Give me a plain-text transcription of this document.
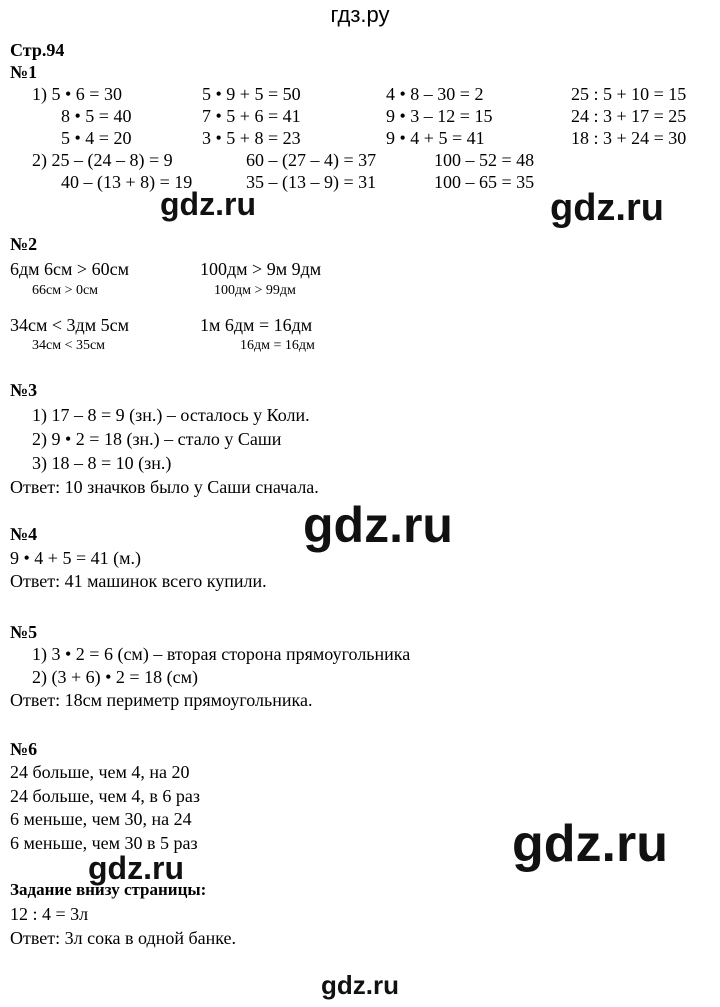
гдз.ру
Стр.94
№1
1) 5 • 6 = 30	5 • 9 + 5 = 50	4 • 8 – 30 = 2	25 : 5 + 10 = 15
8 • 5 = 40	7 • 5 + 6 = 41	9 • 3 – 12 = 15	24 : 3 + 17 = 25
5 • 4 = 20	3 • 5 + 8 = 23	9 • 4 + 5 = 41	18 : 3 + 24 = 30
2) 25 – (24 – 8) = 9	60 – (27 – 4) = 37	100 – 52 = 48
40 – (13 + 8) = 19	35 – (13 – 9) = 31	100 – 65 = 35
gdz.ru	gdz.ru
№2
6дм 6см > 60см	100дм > 9м 9дм
66см > 0см	100дм > 99дм
34см < 3дм 5см	1м 6дм = 16дм
34см < 35см	16дм = 16дм
№3
1) 17 – 8 = 9 (зн.) – осталось у Коли.
2) 9 • 2 = 18 (зн.) – стало у Саши
3) 18 – 8 = 10 (зн.)
Ответ: 10 значков было у Саши сначала.
gdz.ru
№4
9 • 4 + 5 = 41 (м.)
Ответ: 41 машинок всего купили.
№5
1) 3 • 2 = 6 (см) – вторая сторона прямоугольника
2) (3 + 6) • 2 = 18 (см)
Ответ: 18см периметр прямоугольника.
№6
24 больше, чем 4, на 20
24 больше, чем 4, в 6 раз
6 меньше, чем 30, на 24
6 меньше, чем 30 в 5 раз	gdz.ru
gdz.ru
Задание внизу страницы:
12 : 4 = 3л
Ответ: 3л сока в одной банке.
gdz.ru
